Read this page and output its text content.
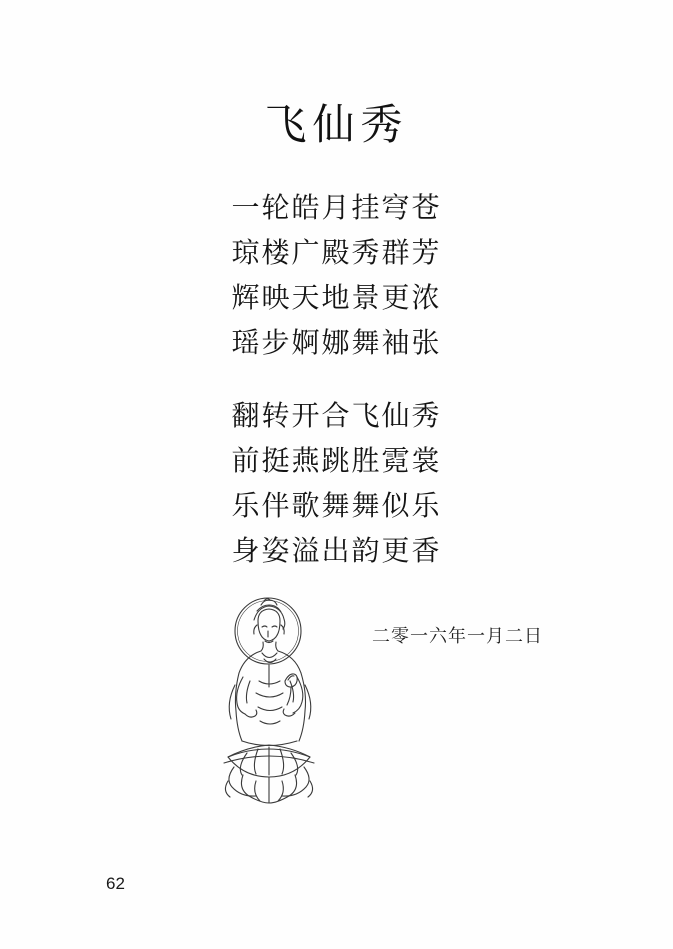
飞仙秀
一轮皓月挂穹苍
琼楼广殿秀群芳
辉映天地景更浓
瑶步婀娜舞袖张
翻转开合飞仙秀
前挺燕跳胜霓裳
乐伴歌舞舞似乐
身姿溢出韵更香
二零一六年一月二日
62
